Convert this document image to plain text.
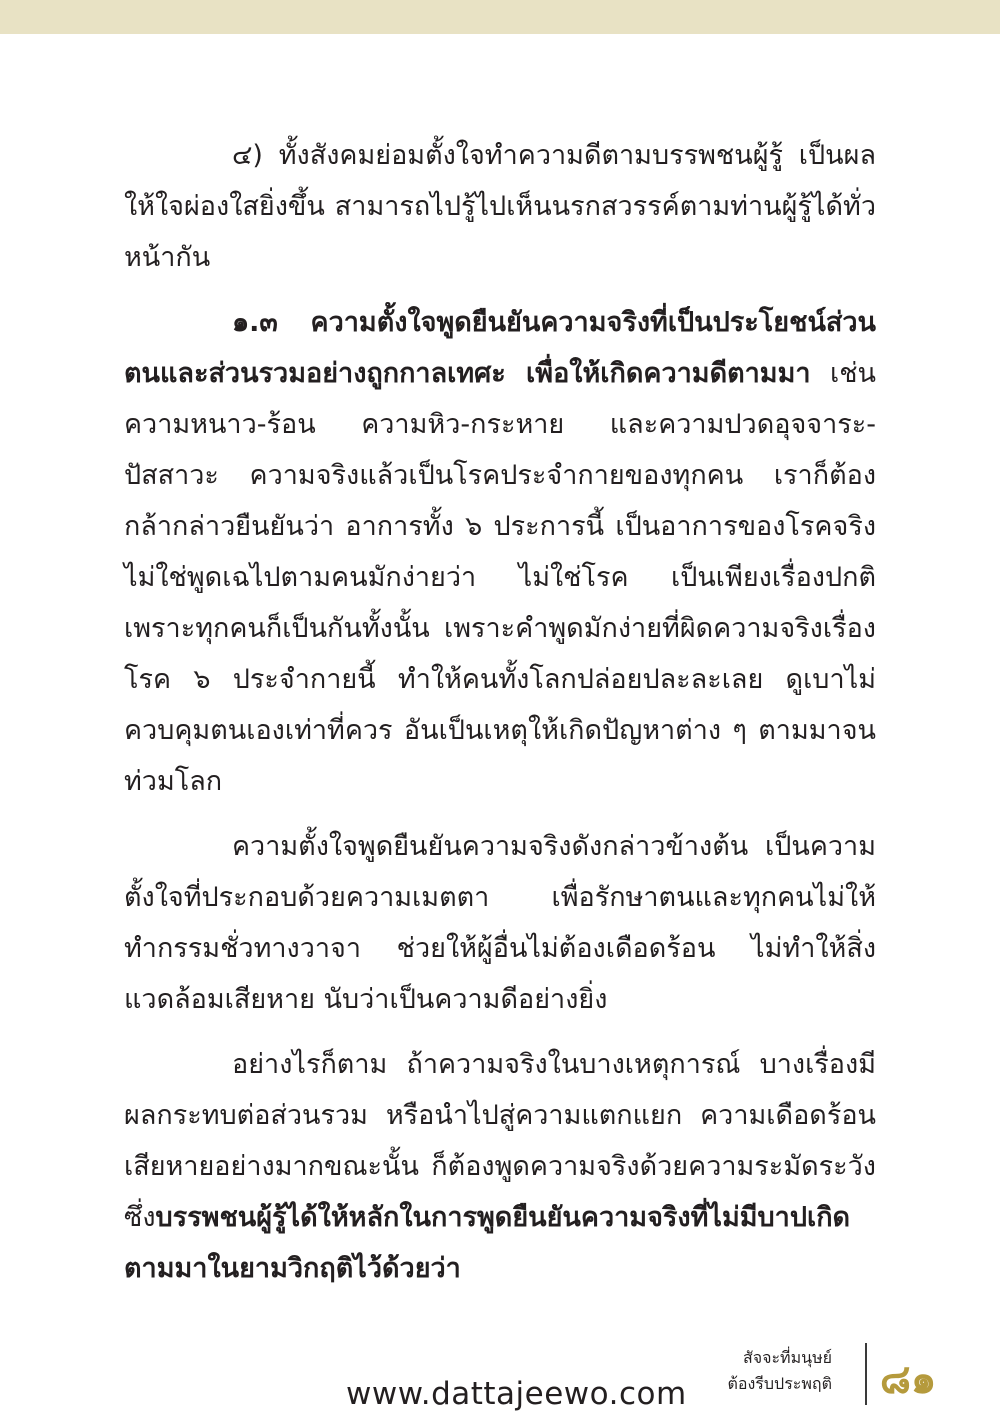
๔) ทั้งสังคมย่อมตั้งใจทำความดีตามบรรพชนผู้รู้ เป็นผลให้ใจผ่องใสยิ่งขึ้น สามารถไปรู้ไปเห็นนรกสวรรค์ตามท่านผู้รู้ได้ทั่วหน้ากัน

๑.๓ ความตั้งใจพูดยืนยันความจริงที่เป็นประโยชน์ส่วนตนและส่วนรวมอย่างถูกกาลเทศะ เพื่อให้เกิดความดีตามมา เช่น ความหนาว-ร้อน ความหิว-กระหาย และความปวดอุจจาระ-ปัสสาวะ ความจริงแล้วเป็นโรคประจำกายของทุกคน เราก็ต้องกล้ากล่าวยืนยันว่า อาการทั้ง ๖ ประการนี้ เป็นอาการของโรคจริง ไม่ใช่พูดเฉไปตามคนมักง่ายว่า ไม่ใช่โรค เป็นเพียงเรื่องปกติเพราะทุกคนก็เป็นกันทั้งนั้น เพราะคำพูดมักง่ายที่ผิดความจริงเรื่องโรค ๖ ประจำกายนี้ ทำให้คนทั้งโลกปล่อยปละละเลย ดูเบาไม่ควบคุมตนเองเท่าที่ควร อันเป็นเหตุให้เกิดปัญหาต่าง ๆ ตามมาจนท่วมโลก

ความตั้งใจพูดยืนยันความจริงดังกล่าวข้างต้น เป็นความตั้งใจที่ประกอบด้วยความเมตตา เพื่อรักษาตนและทุกคนไม่ให้ทำกรรมชั่วทางวาจา ช่วยให้ผู้อื่นไม่ต้องเดือดร้อน ไม่ทำให้สิ่งแวดล้อมเสียหาย นับว่าเป็นความดีอย่างยิ่ง

อย่างไรก็ตาม ถ้าความจริงในบางเหตุการณ์ บางเรื่องมีผลกระทบต่อส่วนรวม หรือนำไปสู่ความแตกแยก ความเดือดร้อนเสียหายอย่างมากขณะนั้น ก็ต้องพูดความจริงด้วยความระมัดระวัง ซึ่งบรรพชนผู้รู้ได้ให้หลักในการพูดยืนยันความจริงที่ไม่มีบาปเกิดตามมาในยามวิกฤติไว้ด้วยว่า

สัจจะที่มนุษย์
ต้องรีบประพฤติ ๘๑
www.dattajeewo.com
